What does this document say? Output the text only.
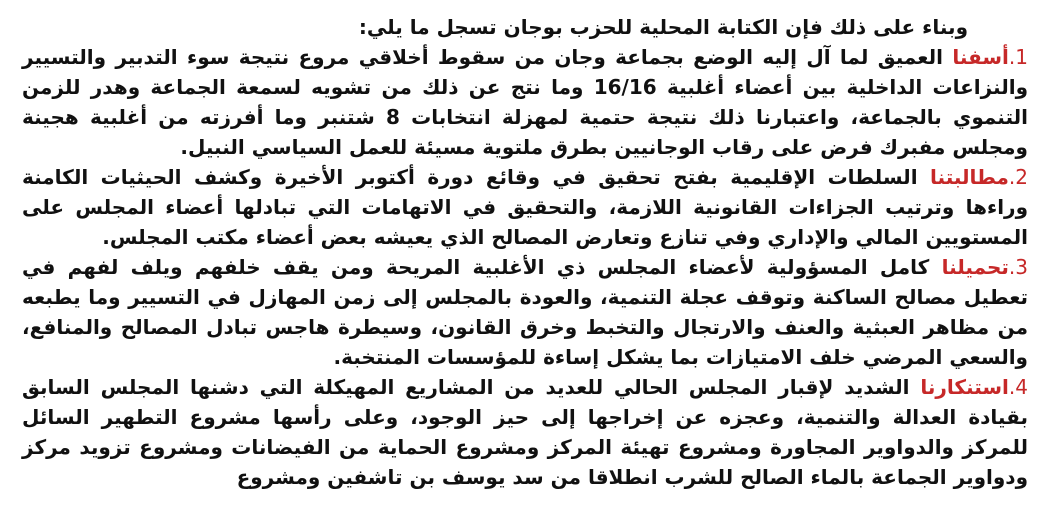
وبناء على ذلك فإن الكتابة المحلية للحزب بوجان تسجل ما يلي:

1.أسفنا العميق لما آل إليه الوضع بجماعة وجان من سقوط أخلاقي مروع نتيجة سوء التدبير والتسيير والنزاعات الداخلية بين أعضاء أغلبية 16/16 وما نتج عن ذلك من تشويه لسمعة الجماعة وهدر للزمن التنموي بالجماعة، واعتبارنا ذلك نتيجة حتمية لمهزلة انتخابات 8 شتنبر وما أفرزته من أغلبية هجينة ومجلس مفبرك فرض على رقاب الوجانيين بطرق ملتوية مسيئة للعمل السياسي النبيل.

2.مطالبتنا السلطات الإقليمية بفتح تحقيق في وقائع دورة أكتوبر الأخيرة وكشف الحيثيات الكامنة وراءها وترتيب الجزاءات القانونية اللازمة، والتحقيق في الاتهامات التي تبادلها أعضاء المجلس على المستويين المالي والإداري وفي تنازع وتعارض المصالح الذي يعيشه بعض أعضاء مكتب المجلس.

3.تحميلنا كامل المسؤولية لأعضاء المجلس ذي الأغلبية المريحة ومن يقف خلفهم ويلف لفهم في تعطيل مصالح الساكنة وتوقف عجلة التنمية، والعودة بالمجلس إلى زمن المهازل في التسيير وما يطبعه من مظاهر العبثية والعنف والارتجال والتخبط وخرق القانون، وسيطرة هاجس تبادل المصالح والمنافع، والسعي المرضي خلف الامتيازات بما يشكل إساءة للمؤسسات المنتخبة.

4.استنكارنا الشديد لإقبار المجلس الحالي للعديد من المشاريع المهيكلة التي دشنها المجلس السابق بقيادة العدالة والتنمية، وعجزه عن إخراجها إلى حيز الوجود، وعلى رأسها مشروع التطهير السائل للمركز والدواوير المجاورة ومشروع تهيئة المركز ومشروع الحماية من الفيضانات ومشروع تزويد مركز ودواوير الجماعة بالماء الصالح للشرب انطلاقا من سد يوسف بن تاشفين ومشروع
